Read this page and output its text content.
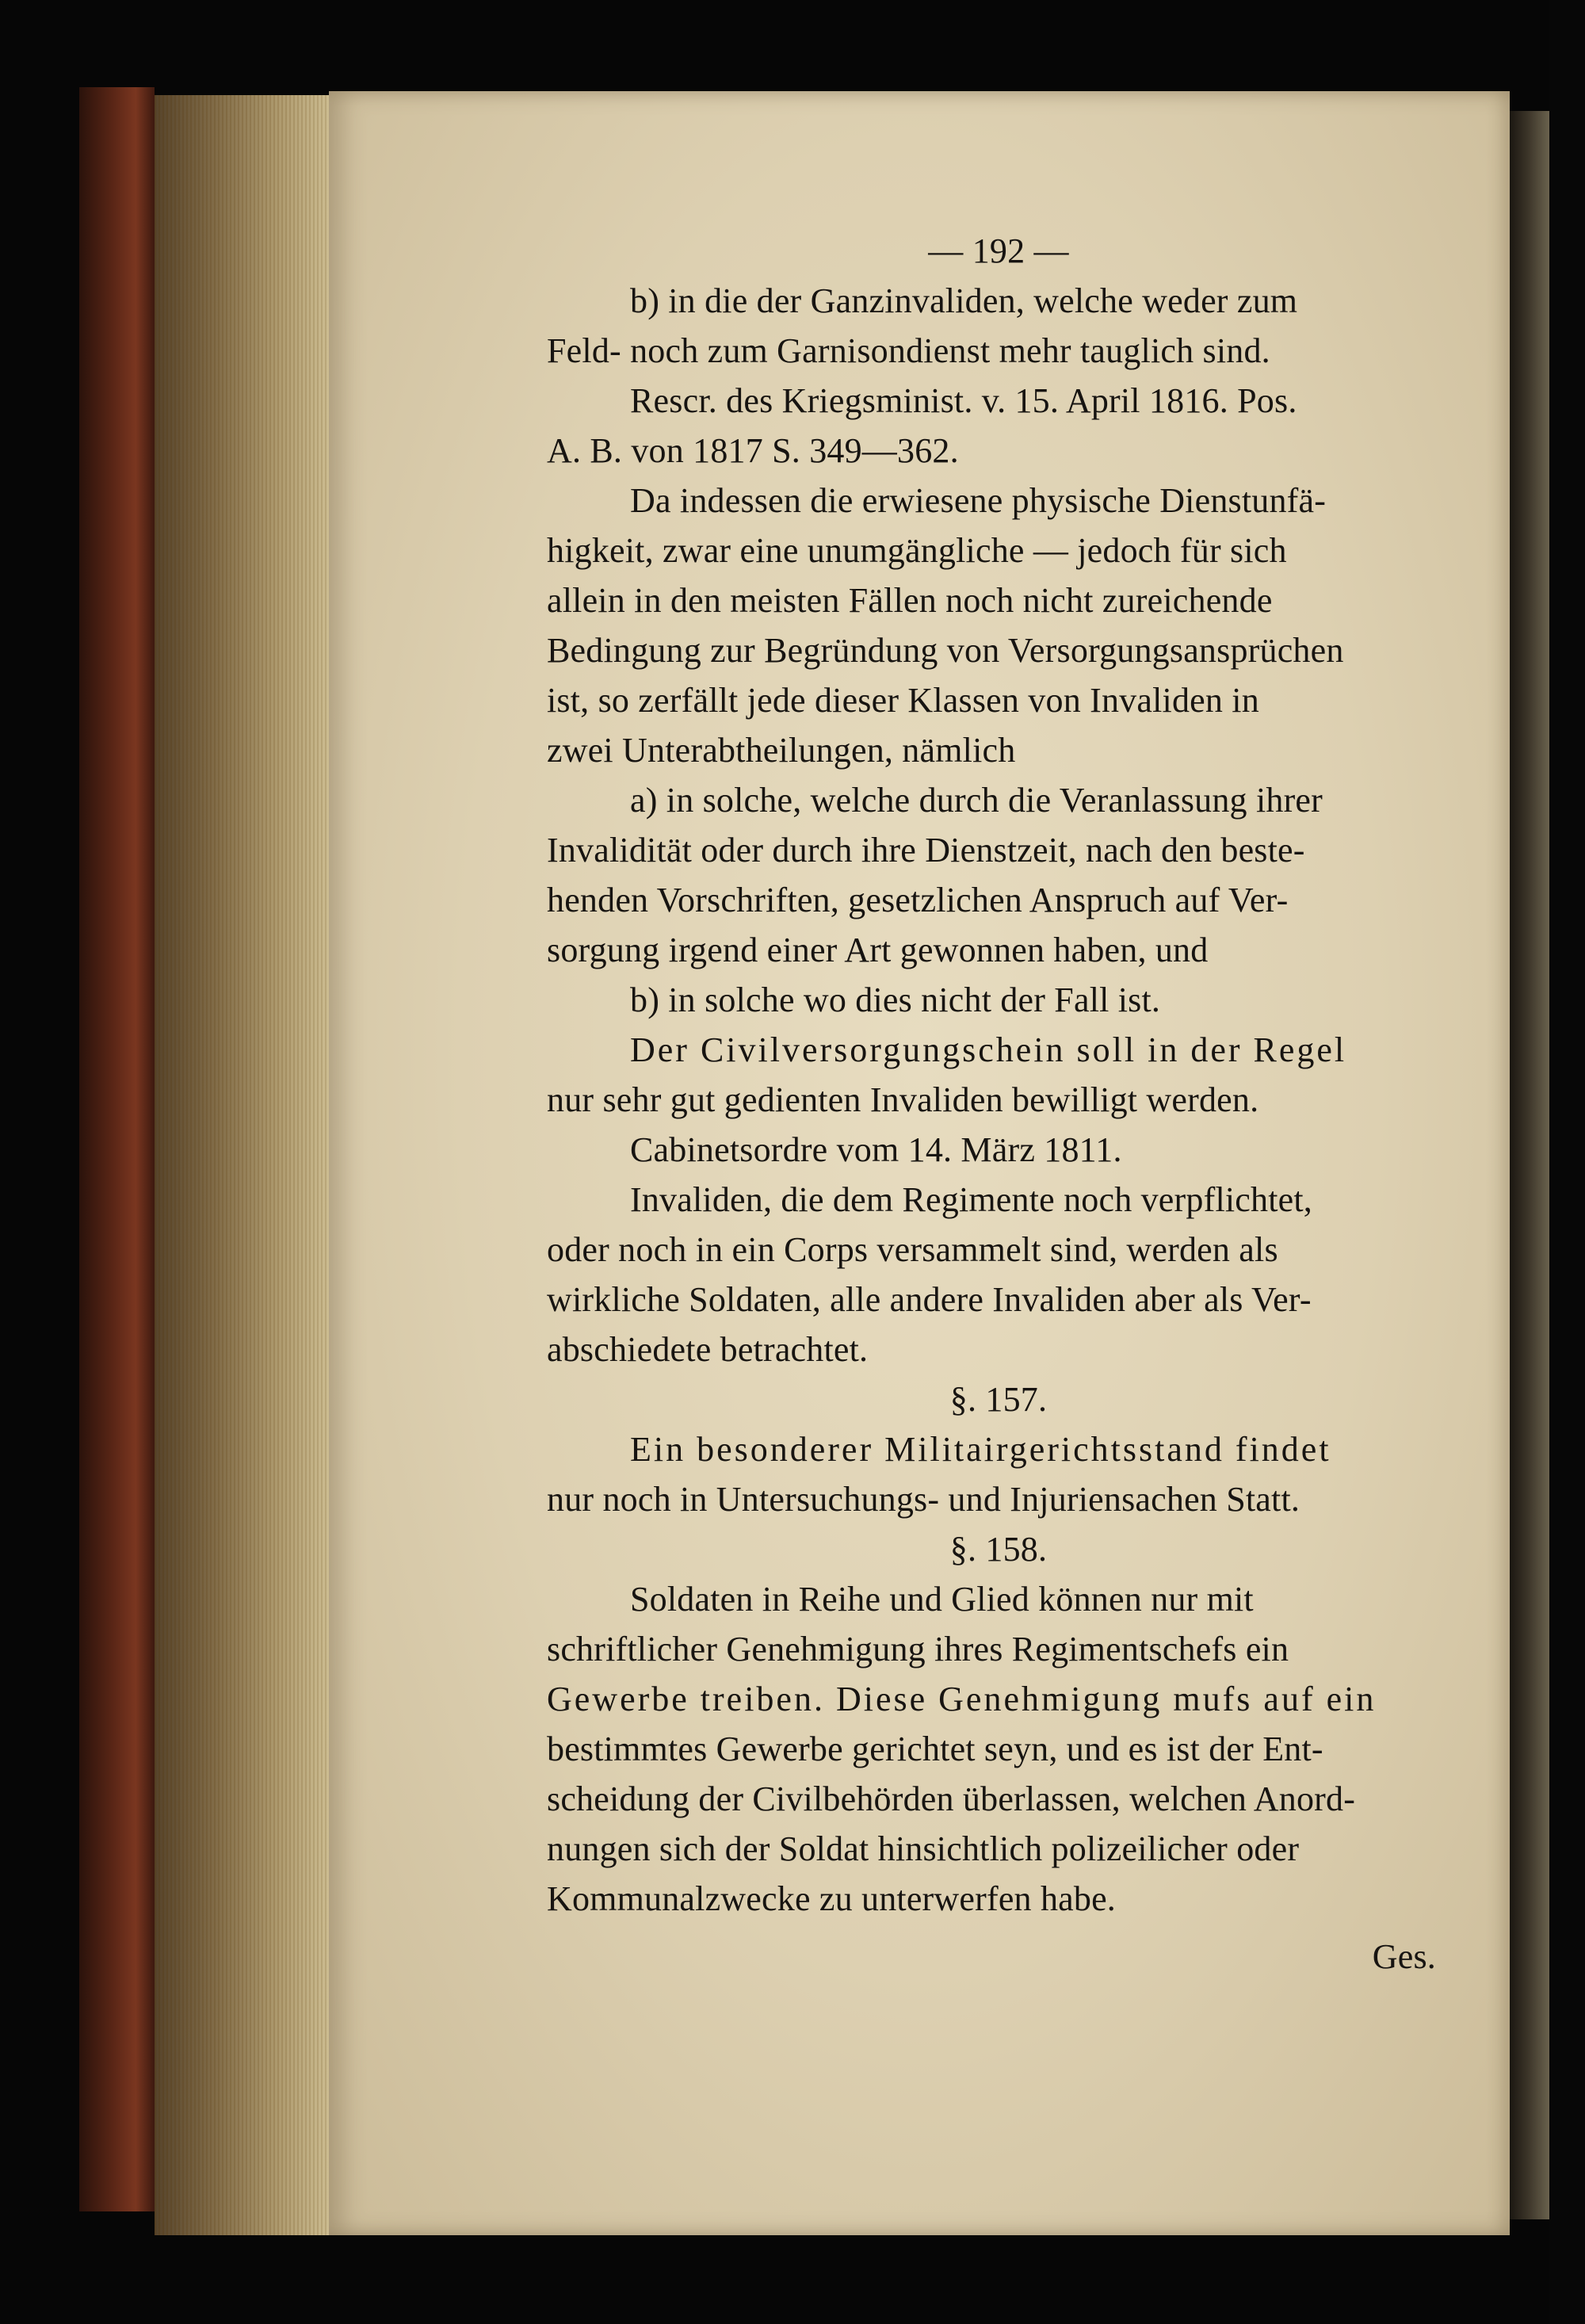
— 192 —
b) in die der Ganzinvaliden, welche weder zum
Feld- noch zum Garnisondienst mehr tauglich sind.
Rescr. des Kriegsminist. v. 15. April 1816. Pos.
A. B. von 1817 S. 349—362.
Da indessen die erwiesene physische Dienstunfä-
higkeit, zwar eine unumgängliche — jedoch für sich
allein in den meisten Fällen noch nicht zureichende
Bedingung zur Begründung von Versorgungsansprüchen
ist, so zerfällt jede dieser Klassen von Invaliden in
zwei Unterabtheilungen, nämlich
a) in solche, welche durch die Veranlassung ihrer
Invalidität oder durch ihre Dienstzeit, nach den beste-
henden Vorschriften, gesetzlichen Anspruch auf Ver-
sorgung irgend einer Art gewonnen haben, und
b) in solche wo dies nicht der Fall ist.
Der Civilversorgungschein soll in der Regel
nur sehr gut gedienten Invaliden bewilligt werden.
Cabinetsordre vom 14. März 1811.
Invaliden, die dem Regimente noch verpflichtet,
oder noch in ein Corps versammelt sind, werden als
wirkliche Soldaten, alle andere Invaliden aber als Ver-
abschiedete betrachtet.
§. 157.
Ein besonderer Militairgerichtsstand findet
nur noch in Untersuchungs- und Injuriensachen Statt.
§. 158.
Soldaten in Reihe und Glied können nur mit
schriftlicher Genehmigung ihres Regimentschefs ein
Gewerbe treiben. Diese Genehmigung mufs auf ein
bestimmtes Gewerbe gerichtet seyn, und es ist der Ent-
scheidung der Civilbehörden überlassen, welchen Anord-
nungen sich der Soldat hinsichtlich polizeilicher oder
Kommunalzwecke zu unterwerfen habe.
Ges.
